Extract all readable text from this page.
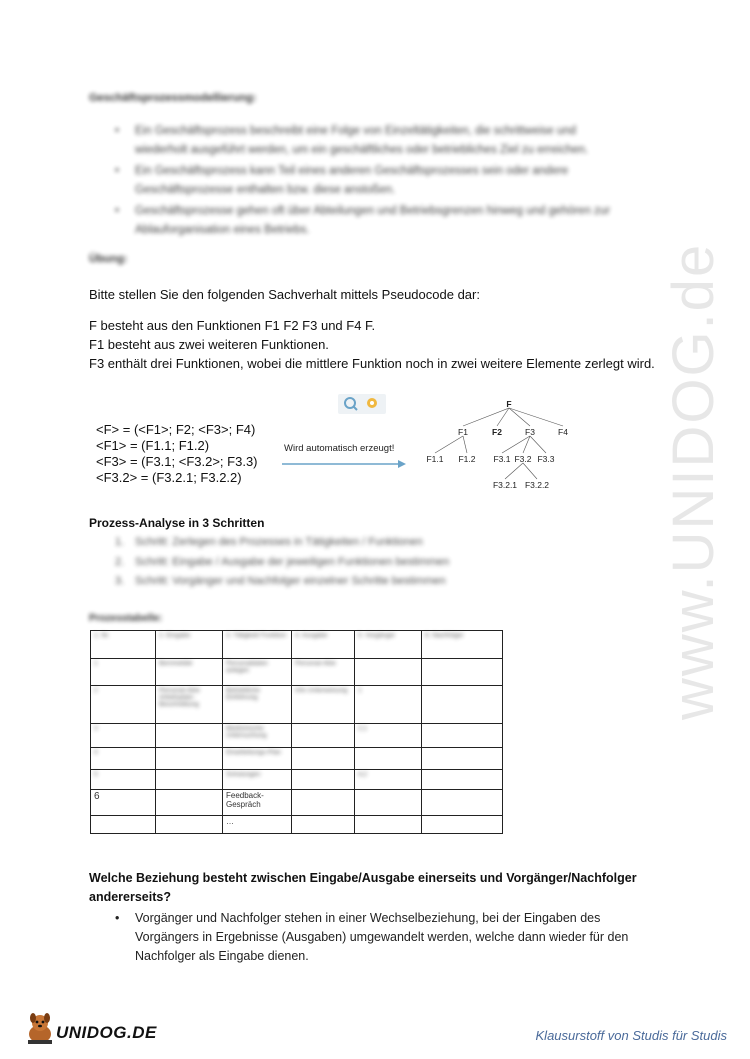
www.UNIDOG.de
Geschäftsprozessmodellierung:
•	Ein Geschäftsprozess beschreibt eine Folge von Einzeltätigkeiten, die schrittweise und
wiederholt ausgeführt werden, um ein geschäftliches oder betriebliches Ziel zu erreichen.
•	Ein Geschäftsprozess kann Teil eines anderen Geschäftsprozesses sein oder andere
Geschäftsprozesse enthalten bzw. diese anstoßen.
•	Geschäftsprozesse gehen oft über Abteilungen und Betriebsgrenzen hinweg und gehören zur
Ablauforganisation eines Betriebs.
Übung:
Bitte stellen Sie den folgenden Sachverhalt mittels Pseudocode dar:
F besteht aus den Funktionen F1 F2 F3 und F4 F.
F1 besteht aus zwei weiteren Funktionen.
F3 enthält drei Funktionen, wobei die mittlere Funktion noch in zwei weitere Elemente zerlegt wird.
<F> = (<F1>; F2; <F3>; F4)
<F1> = (F1.1; F1.2)
<F3> = (F3.1; <F3.2>; F3.3)
<F3.2> = (F3.2.1; F3.2.2)
Wird automatisch erzeugt!
F
F1	F2	F3	F4
F1.1 F1.2 F3.1 F3.2 F3.3
F3.2.1 F3.2.2
Prozess-Analyse in 3 Schritten
1. Schritt: Zerlegen des Prozesses in Tätigkeiten / Funktionen
2. Schritt: Eingabe / Ausgabe der jeweiligen Funktionen bestimmen
3. Schritt: Vorgänger und Nachfolger einzelner Schritte bestimmen
Prozesstabelle:
1. Nr.	2. Eingabe	3. Tätigkeit/ Funktion	4. Ausgabe	5. Vorgänger	6. Nachfolger
1	Bernmeldet	Personaldaten anlegen	Personal-Akte		
2	Personal-Akte Arbeitsplatz-Beschreibung	Betriebliche Einführung	Info Unterweisung	1	
3		Medizinische Untersuchung		2,1	
4		Einarbeitungs-Plan			
5		Schulungen		4,2	
6		Feedback-Gespräch			
		…			
Welche Beziehung besteht zwischen Eingabe/Ausgabe einerseits und Vorgänger/Nachfolger
andererseits?
•	Vorgänger und Nachfolger stehen in einer Wechselbeziehung, bei der Eingaben des
Vorgängers in Ergebnisse (Ausgaben) umgewandelt werden, welche dann wieder für den
Nachfolger als Eingabe dienen.
UNIDOG.DE	Klausurstoff von Studis für Studis
